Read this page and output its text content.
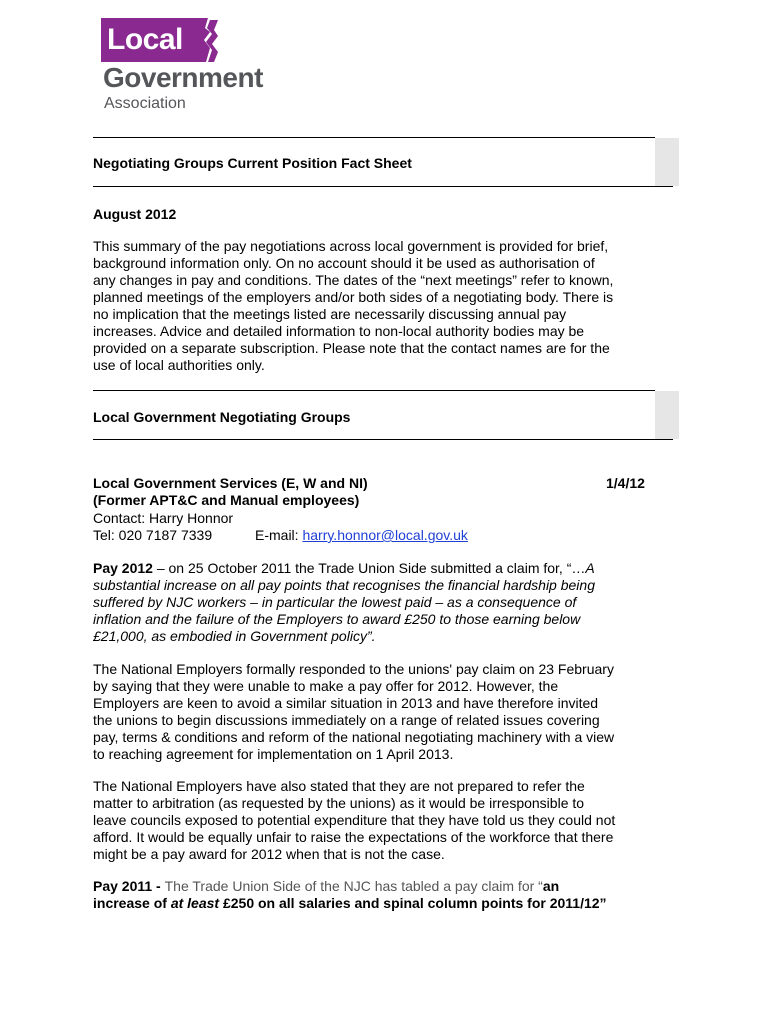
Local
Government
Association
Negotiating Groups Current Position Fact Sheet
August 2012
This summary of the pay negotiations across local government is provided for brief,
background information only. On no account should it be used as authorisation of
any changes in pay and conditions. The dates of the “next meetings” refer to known,
planned meetings of the employers and/or both sides of a negotiating body. There is
no implication that the meetings listed are necessarily discussing annual pay
increases. Advice and detailed information to non-local authority bodies may be
provided on a separate subscription. Please note that the contact names are for the
use of local authorities only.
Local Government Negotiating Groups
Local Government Services (E, W and NI)	1/4/12
(Former APT&C and Manual employees)
Contact: Harry Honnor
Tel: 020 7187 7339	E-mail: harry.honnor@local.gov.uk
Pay 2012 – on 25 October 2011 the Trade Union Side submitted a claim for, “…A
substantial increase on all pay points that recognises the financial hardship being
suffered by NJC workers – in particular the lowest paid – as a consequence of
inflation and the failure of the Employers to award £250 to those earning below
£21,000, as embodied in Government policy”.
The National Employers formally responded to the unions' pay claim on 23 February
by saying that they were unable to make a pay offer for 2012. However, the
Employers are keen to avoid a similar situation in 2013 and have therefore invited
the unions to begin discussions immediately on a range of related issues covering
pay, terms & conditions and reform of the national negotiating machinery with a view
to reaching agreement for implementation on 1 April 2013.
The National Employers have also stated that they are not prepared to refer the
matter to arbitration (as requested by the unions) as it would be irresponsible to
leave councils exposed to potential expenditure that they have told us they could not
afford. It would be equally unfair to raise the expectations of the workforce that there
might be a pay award for 2012 when that is not the case.
Pay 2011 - The Trade Union Side of the NJC has tabled a pay claim for “an
increase of at least £250 on all salaries and spinal column points for 2011/12”
